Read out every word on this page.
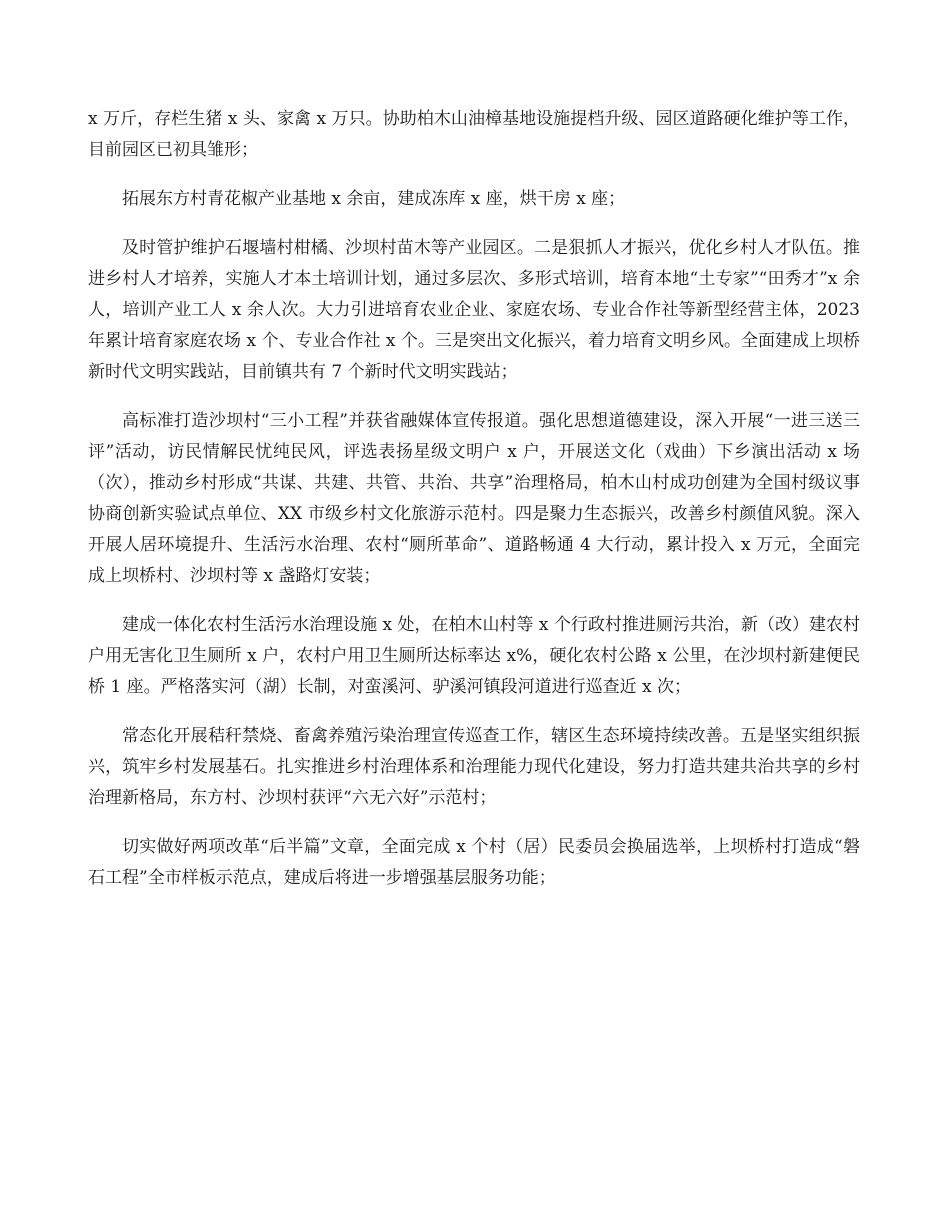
x 万斤，存栏生猪 x 头、家禽 x 万只。协助柏木山油樟基地设施提档升级、园区道路硬化维护等工作，目前园区已初具雏形；

拓展东方村青花椒产业基地 x 余亩，建成冻库 x 座，烘干房 x 座；

及时管护维护石堰墙村柑橘、沙坝村苗木等产业园区。二是狠抓人才振兴，优化乡村人才队伍。推进乡村人才培养，实施人才本土培训计划，通过多层次、多形式培训，培育本地“土专家”“田秀才”x 余人，培训产业工人 x 余人次。大力引进培育农业企业、家庭农场、专业合作社等新型经营主体，2023 年累计培育家庭农场 x 个、专业合作社 x 个。三是突出文化振兴，着力培育文明乡风。全面建成上坝桥新时代文明实践站，目前镇共有 7 个新时代文明实践站；

高标准打造沙坝村“三小工程”并获省融媒体宣传报道。强化思想道德建设，深入开展“一进三送三评”活动，访民情解民忧纯民风，评选表扬星级文明户 x 户，开展送文化（戏曲）下乡演出活动 x 场（次），推动乡村形成“共谋、共建、共管、共治、共享”治理格局，柏木山村成功创建为全国村级议事协商创新实验试点单位、XX 市级乡村文化旅游示范村。四是聚力生态振兴，改善乡村颜值风貌。深入开展人居环境提升、生活污水治理、农村“厕所革命”、道路畅通 4 大行动，累计投入 x 万元，全面完成上坝桥村、沙坝村等 x 盏路灯安装；

建成一体化农村生活污水治理设施 x 处，在柏木山村等 x 个行政村推进厕污共治，新（改）建农村户用无害化卫生厕所 x 户，农村户用卫生厕所达标率达 x%，硬化农村公路 x 公里，在沙坝村新建便民桥 1 座。严格落实河（湖）长制，对蛮溪河、驴溪河镇段河道进行巡查近 x 次；

常态化开展秸秆禁烧、畜禽养殖污染治理宣传巡查工作，辖区生态环境持续改善。五是坚实组织振兴，筑牢乡村发展基石。扎实推进乡村治理体系和治理能力现代化建设，努力打造共建共治共享的乡村治理新格局，东方村、沙坝村获评“六无六好”示范村；

切实做好两项改革“后半篇”文章，全面完成 x 个村（居）民委员会换届选举，上坝桥村打造成“磐石工程”全市样板示范点，建成后将进一步增强基层服务功能；
